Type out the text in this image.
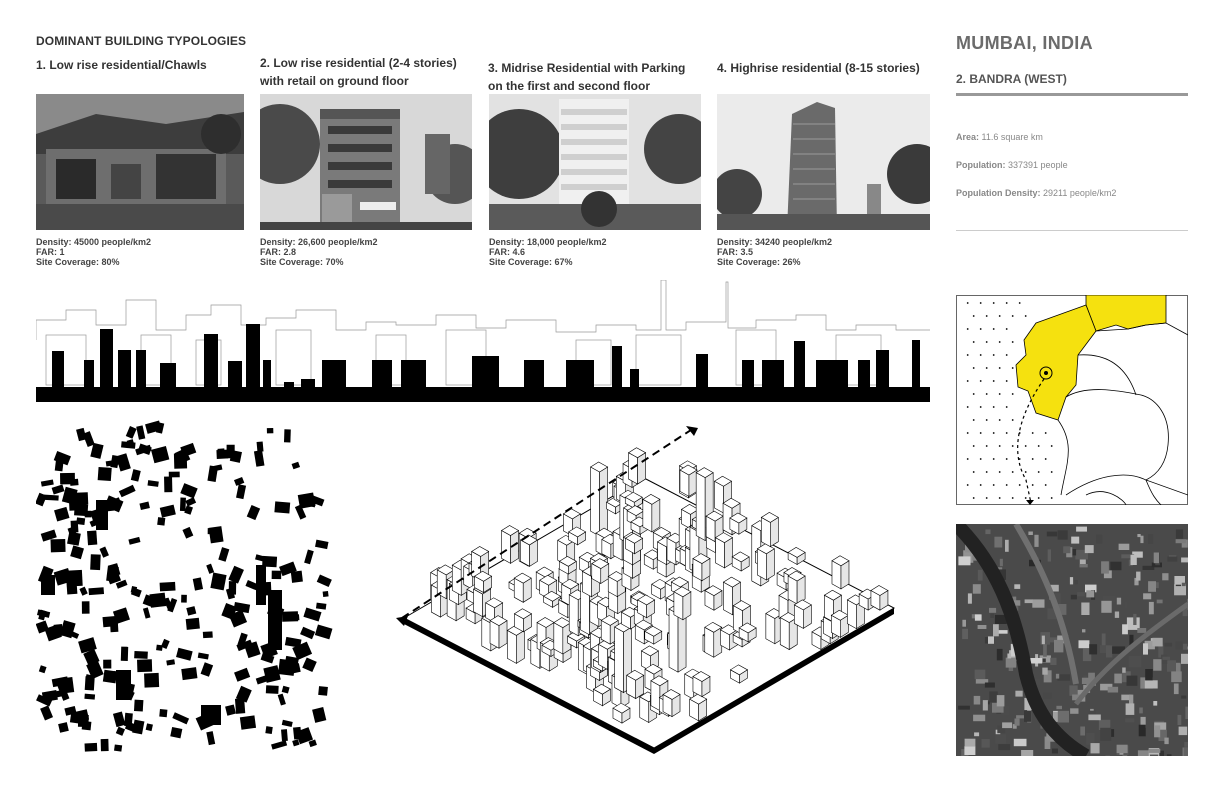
DOMINANT BUILDING TYPOLOGIES
1. Low rise residential/Chawls
Density: 45000 people/km2
FAR: 1
Site Coverage: 80%
2. Low rise residential (2-4 stories)
with retail on ground floor
Density: 26,600 people/km2
FAR: 2.8
Site Coverage: 70%
3. Midrise Residential with Parking
on the first and second floor
Density: 18,000 people/km2
FAR: 4.6
Site Coverage: 67%
4. Highrise residential (8-15 stories)
Density: 34240 people/km2
FAR: 3.5
Site Coverage: 26%
MUMBAI, INDIA
2. BANDRA (WEST)
Area: 11.6 square km
Population: 337391 people
Population Density: 29211 people/km2
